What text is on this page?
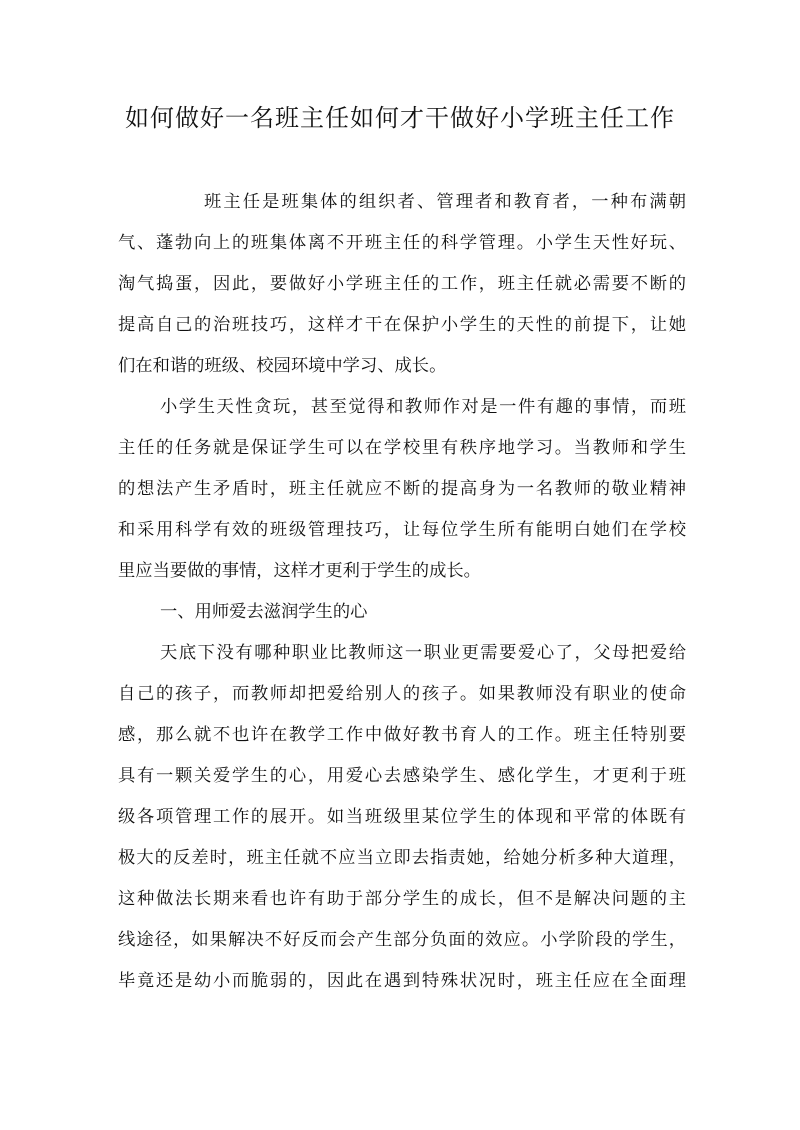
如何做好一名班主任如何才干做好小学班主任工作
班主任是班集体的组织者、管理者和教育者，一种布满朝
气、蓬勃向上的班集体离不开班主任的科学管理。小学生天性好玩、
淘气捣蛋，因此，要做好小学班主任的工作，班主任就必需要不断的
提高自己的治班技巧，这样才干在保护小学生的天性的前提下，让她
们在和谐的班级、校园环境中学习、成长。
小学生天性贪玩，甚至觉得和教师作对是一件有趣的事情，而班
主任的任务就是保证学生可以在学校里有秩序地学习。当教师和学生
的想法产生矛盾时，班主任就应不断的提高身为一名教师的敬业精神
和采用科学有效的班级管理技巧，让每位学生所有能明白她们在学校
里应当要做的事情，这样才更利于学生的成长。
一、用师爱去滋润学生的心
天底下没有哪种职业比教师这一职业更需要爱心了，父母把爱给
自己的孩子，而教师却把爱给别人的孩子。如果教师没有职业的使命
感，那么就不也许在教学工作中做好教书育人的工作。班主任特别要
具有一颗关爱学生的心，用爱心去感染学生、感化学生，才更利于班
级各项管理工作的展开。如当班级里某位学生的体现和平常的体既有
极大的反差时，班主任就不应当立即去指责她，给她分析多种大道理，
这种做法长期来看也许有助于部分学生的成长，但不是解决问题的主
线途径，如果解决不好反而会产生部分负面的效应。小学阶段的学生，
毕竟还是幼小而脆弱的，因此在遇到特殊状况时，班主任应在全面理
